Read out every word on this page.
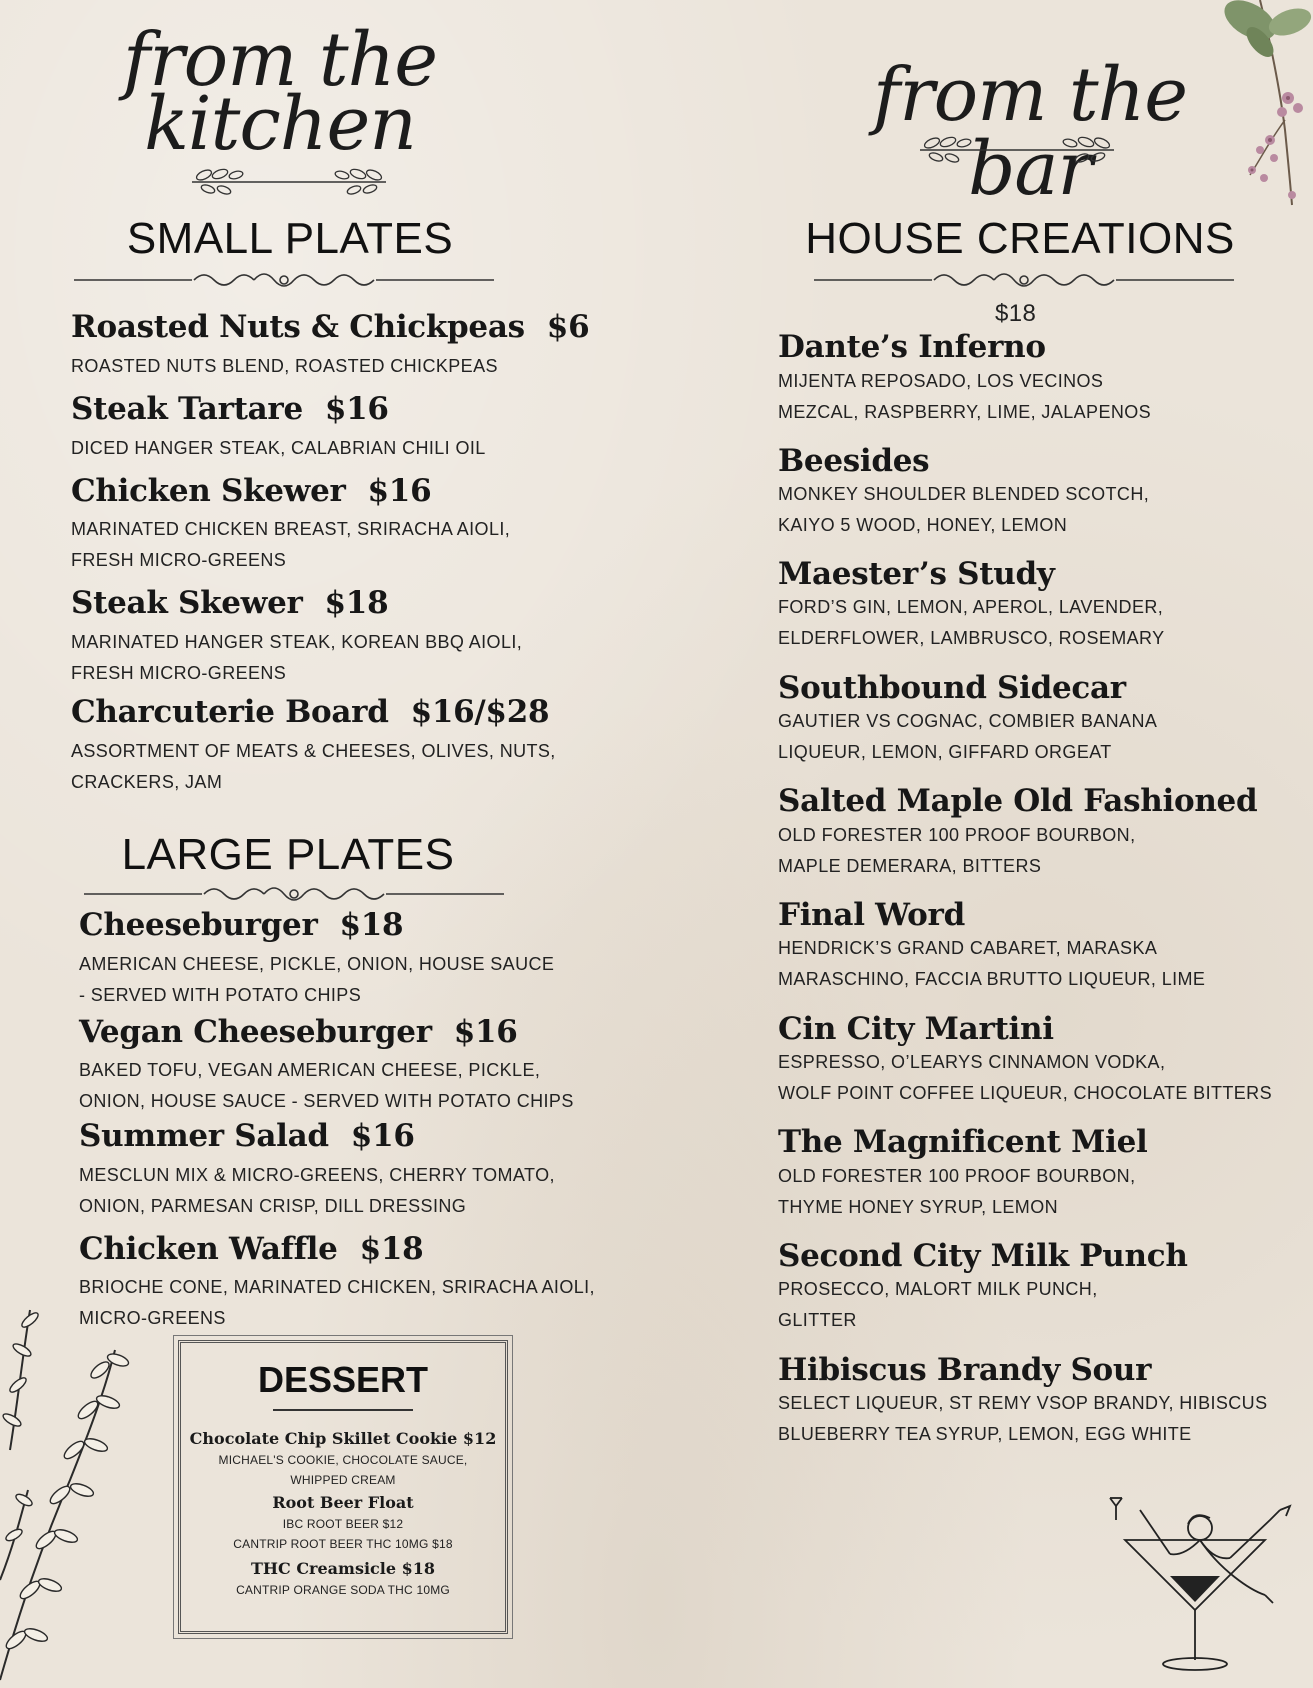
from the
kitchen
SMALL PLATES

Roasted Nuts & Chickpeas $6

ROASTED NUTS BLEND, ROASTED CHICKPEAS

Steak Tartare $16

DICED HANGER STEAK, CALABRIAN CHILI OIL

Chicken Skewer $16

MARINATED CHICKEN BREAST, SRIRACHA AIOLI,
FRESH MICRO-GREENS

Steak Skewer $18

MARINATED HANGER STEAK, KOREAN BBQ AIOLI,
FRESH MICRO-GREENS

Charcuterie Board $16/$28

ASSORTMENT OF MEATS & CHEESES, OLIVES, NUTS,
CRACKERS, JAM

LARGE PLATES

Cheeseburger $18

AMERICAN CHEESE, PICKLE, ONION, HOUSE SAUCE
- SERVED WITH POTATO CHIPS

Vegan Cheeseburger $16

BAKED TOFU, VEGAN AMERICAN CHEESE, PICKLE,
ONION, HOUSE SAUCE - SERVED WITH POTATO CHIPS

Summer Salad $16

MESCLUN MIX & MICRO-GREENS, CHERRY TOMATO,
ONION, PARMESAN CRISP, DILL DRESSING

Chicken Waffle $18

BRIOCHE CONE, MARINATED CHICKEN, SRIRACHA AIOLI,
MICRO-GREENS

DESSERT

Chocolate Chip Skillet Cookie $12

MICHAEL'S COOKIE, CHOCOLATE SAUCE,

WHIPPED CREAM

Root Beer Float

IBC ROOT BEER $12

CANTRIP ROOT BEER THC 10MG $18

THC Creamsicle $18

CANTRIP ORANGE SODA THC 10MG

from the bar
HOUSE CREATIONS

$18

Dante’s Inferno

MIJENTA REPOSADO, LOS VECINOS
MEZCAL, RASPBERRY, LIME, JALAPENOS

Beesides

MONKEY SHOULDER BLENDED SCOTCH,
KAIYO 5 WOOD, HONEY, LEMON

Maester’s Study

FORD’S GIN, LEMON, APEROL, LAVENDER,
ELDERFLOWER, LAMBRUSCO, ROSEMARY

Southbound Sidecar

GAUTIER VS COGNAC, COMBIER BANANA
LIQUEUR, LEMON, GIFFARD ORGEAT

Salted Maple Old Fashioned

OLD FORESTER 100 PROOF BOURBON,
MAPLE DEMERARA, BITTERS

Final Word

HENDRICK’S GRAND CABARET, MARASKA
MARASCHINO, FACCIA BRUTTO LIQUEUR, LIME

Cin City Martini

ESPRESSO, O’LEARYS CINNAMON VODKA,
WOLF POINT COFFEE LIQUEUR, CHOCOLATE BITTERS

The Magnificent Miel

OLD FORESTER 100 PROOF BOURBON,
THYME HONEY SYRUP, LEMON

Second City Milk Punch

PROSECCO, MALORT MILK PUNCH,
GLITTER

Hibiscus Brandy Sour

SELECT LIQUEUR, ST REMY VSOP BRANDY, HIBISCUS
BLUEBERRY TEA SYRUP, LEMON, EGG WHITE
